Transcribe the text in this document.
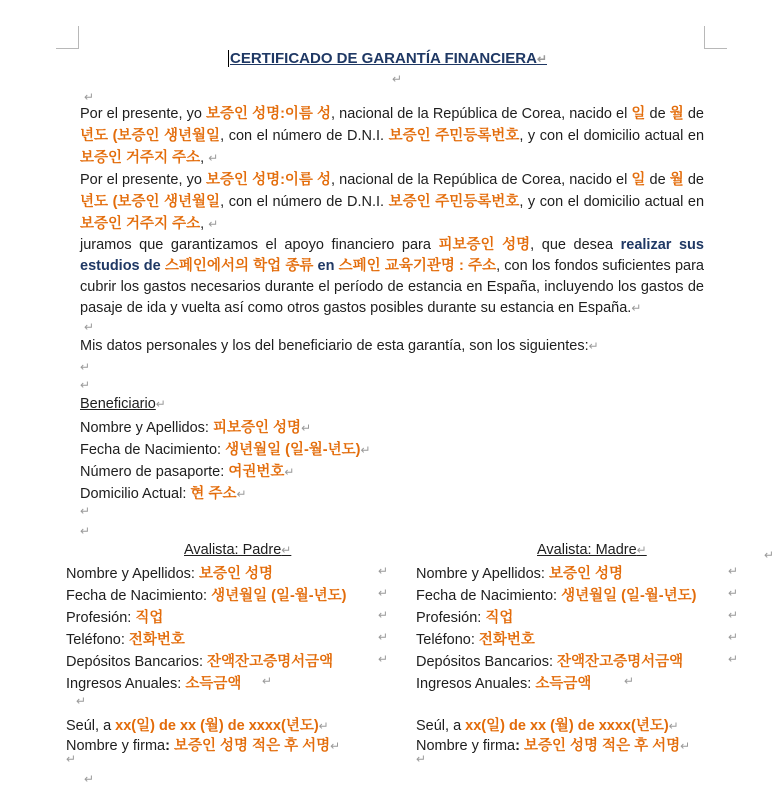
CERTIFICADO DE GARANTÍA FINANCIERA↵
↵
↵
Por el presente, yo 보증인 성명:이름 성, nacional de la República de Corea, nacido el 일 de 월 de 년도 (보증인 생년월일, con el número de D.N.I. 보증인 주민등록번호, y con el domicilio actual en 보증인 거주지 주소, ↵
Por el presente, yo 보증인 성명:이름 성, nacional de la República de Corea, nacido el 일 de 월 de 년도 (보증인 생년월일, con el número de D.N.I. 보증인 주민등록번호, y con el domicilio actual en 보증인 거주지 주소, ↵
juramos que garantizamos el apoyo financiero para 피보증인 성명, que desea realizar sus estudios de 스페인에서의 학업 종류 en 스페인 교육기관명 : 주소, con los fondos suficientes para cubrir los gastos necesarios durante el período de estancia en España, incluyendo los gastos de pasaje de ida y vuelta así como otros gastos posibles durante su estancia en España.↵
↵
Mis datos personales y los del beneficiario de esta garantía, son los siguientes:↵
↵
↵
Beneficiario↵
Nombre y Apellidos: 피보증인 성명↵
Fecha de Nacimiento: 생년월일 (일-월-년도)↵
Número de pasaporte: 여권번호↵
Domicilio Actual: 현 주소↵
↵
↵
Avalista: Padre↵
Nombre y Apellidos: 보증인 성명	↵
Fecha de Nacimiento: 생년월일 (일-월-년도)	↵
Profesión: 직업	↵
Teléfono: 전화번호	↵
Depósitos Bancarios: 잔액잔고증명서금액	↵
Ingresos Anuales: 소득금액 ↵
↵
Seúl, a xx(일) de xx (월) de xxxx(년도)↵
Nombre y firma: 보증인 성명 적은 후 서명↵
↵
Avalista: Madre↵
Nombre y Apellidos: 보증인 성명	↵
Fecha de Nacimiento: 생년월일 (일-월-년도)	↵
Profesión: 직업	↵
Teléfono: 전화번호	↵
Depósitos Bancarios: 잔액잔고증명서금액	↵
Ingresos Anuales: 소득금액	↵
Seúl, a xx(일) de xx (월) de xxxx(년도)↵
Nombre y firma: 보증인 성명 적은 후 서명↵
↵
↵
↵
